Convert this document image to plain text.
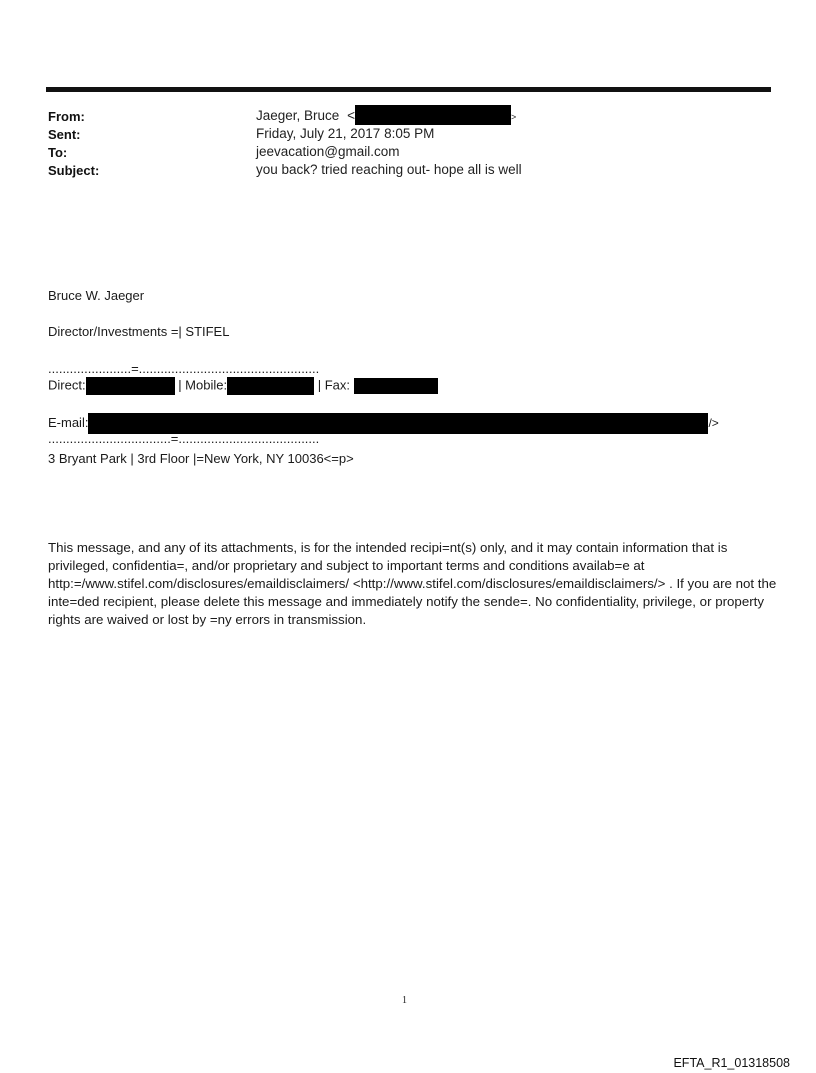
From:	Jaeger, Bruce <	>
Sent:	Friday, July 21, 2017 8:05 PM
To:	jeevacation@gmail.com
Subject:	you back? tried reaching out- hope all is well
Bruce W. Jaeger
Director/Investments =| STIFEL
.......................=..................................................
Direct:	| Mobile:	| Fax:
E-mail:	/>
..................................=.......................................
3 Bryant Park | 3rd Floor |=New York, NY 10036<=p>
This message, and any of its attachments, is for the intended recipi=nt(s) only, and it may contain information that is privileged, confidentia=, and/or proprietary and subject to important terms and conditions availab=e at http:=/www.stifel.com/disclosures/emaildisclaimers/ <http://www.stifel.com/disclosures/emaildisclaimers/> . If you are not the inte=ded recipient, please delete this message and immediately notify the sende=. No confidentiality, privilege, or property rights are waived or lost by =ny errors in transmission.
1
EFTA_R1_01318508
